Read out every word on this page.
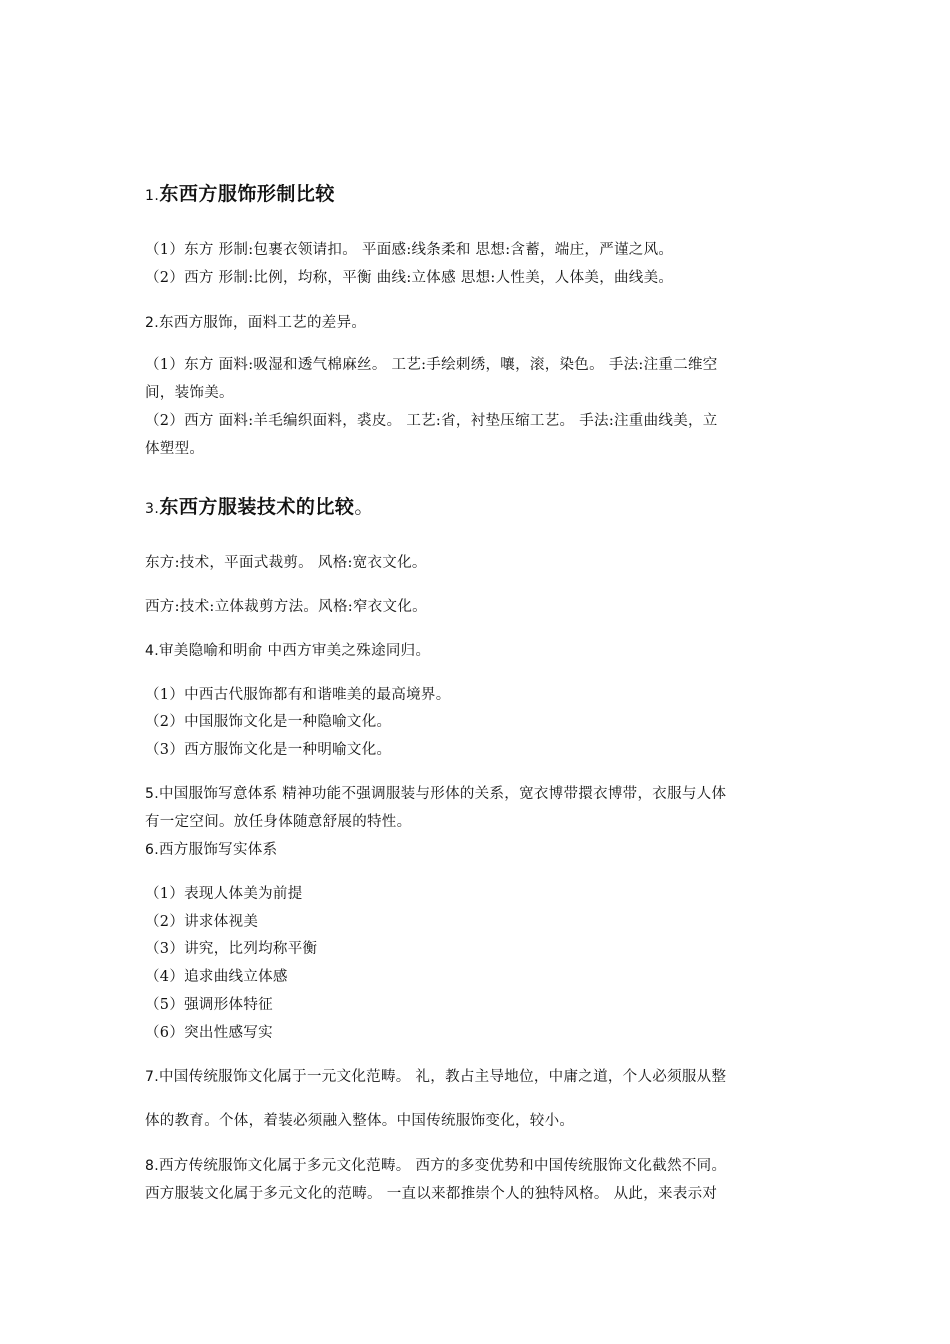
1.东西方服饰形制比较
（1）东方 形制:包裹衣领请扣。 平面感:线条柔和 思想:含蓄，端庄，严谨之风。
（2）西方 形制:比例，均称，平衡 曲线:立体感 思想:人性美，人体美，曲线美。
2.东西方服饰，面料工艺的差异。
（1）东方 面料:吸湿和透气棉麻丝。 工艺:手绘刺绣，嚷，滚，染色。 手法:注重二维空
间，装饰美。
（2）西方 面料:羊毛编织面料，裘皮。 工艺:省，衬垫压缩工艺。 手法:注重曲线美，立
体塑型。
3.东西方服装技术的比较。
东方:技术，平面式裁剪。 风格:宽衣文化。
西方:技术:立体裁剪方法。风格:窄衣文化。
4.审美隐喻和明俞 中西方审美之殊途同归。
（1）中西古代服饰都有和谐唯美的最高境界。
（2）中国服饰文化是一种隐喻文化。
（3）西方服饰文化是一种明喻文化。
5.中国服饰写意体系 精神功能不强调服装与形体的关系，宽衣博带擐衣博带，衣服与人体
有一定空间。放任身体随意舒展的特性。
6.西方服饰写实体系
（1）表现人体美为前提
（2）讲求体视美
（3）讲究，比列均称平衡
（4）追求曲线立体感
（5）强调形体特征
（6）突出性感写实
7.中国传统服饰文化属于一元文化范畴。 礼，教占主导地位，中庸之道，个人必须服从整
体的教育。个体，着装必须融入整体。中国传统服饰变化，较小。
8.西方传统服饰文化属于多元文化范畴。 西方的多变优势和中国传统服饰文化截然不同。
西方服装文化属于多元文化的范畴。 一直以来都推崇个人的独特风格。 从此，来表示对
